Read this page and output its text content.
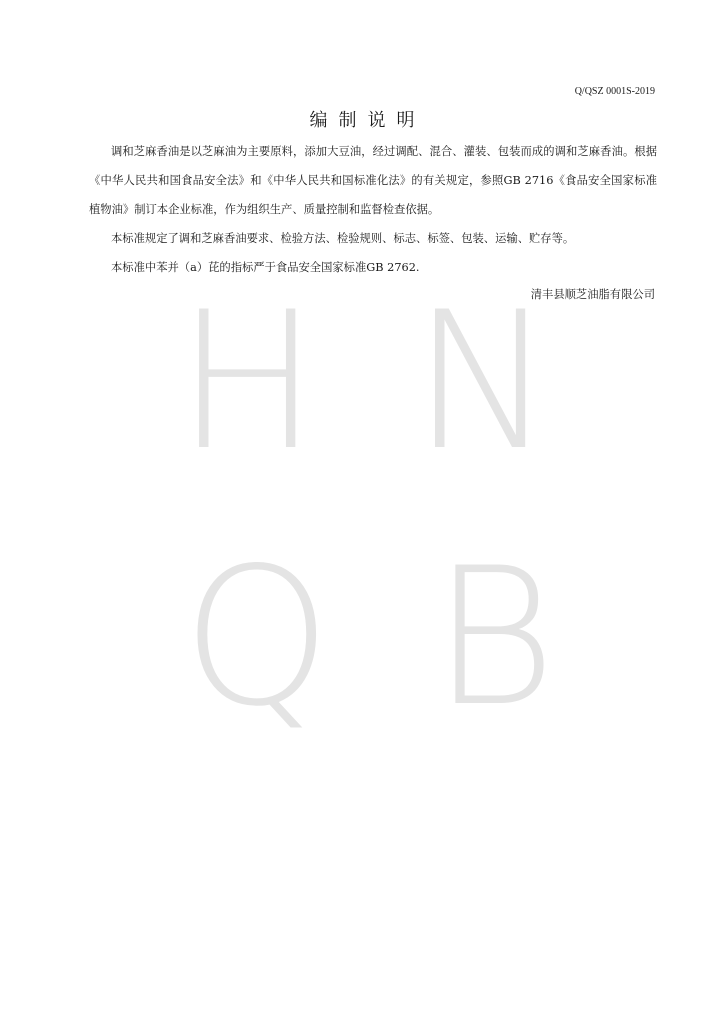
H N
Q B
Q/QSZ 0001S-2019
编制说明

调和芝麻香油是以芝麻油为主要原料，添加大豆油，经过调配、混合、灌装、包装而成的调和芝麻香油。根据《中华人民共和国食品安全法》和《中华人民共和国标准化法》的有关规定，参照GB 2716《食品安全国家标准 植物油》制订本企业标准，作为组织生产、质量控制和监督检查依据。

本标准规定了调和芝麻香油要求、检验方法、检验规则、标志、标签、包装、运输、贮存等。

本标准中苯并（a）芘的指标严于食品安全国家标准GB 2762.

清丰县顺芝油脂有限公司
